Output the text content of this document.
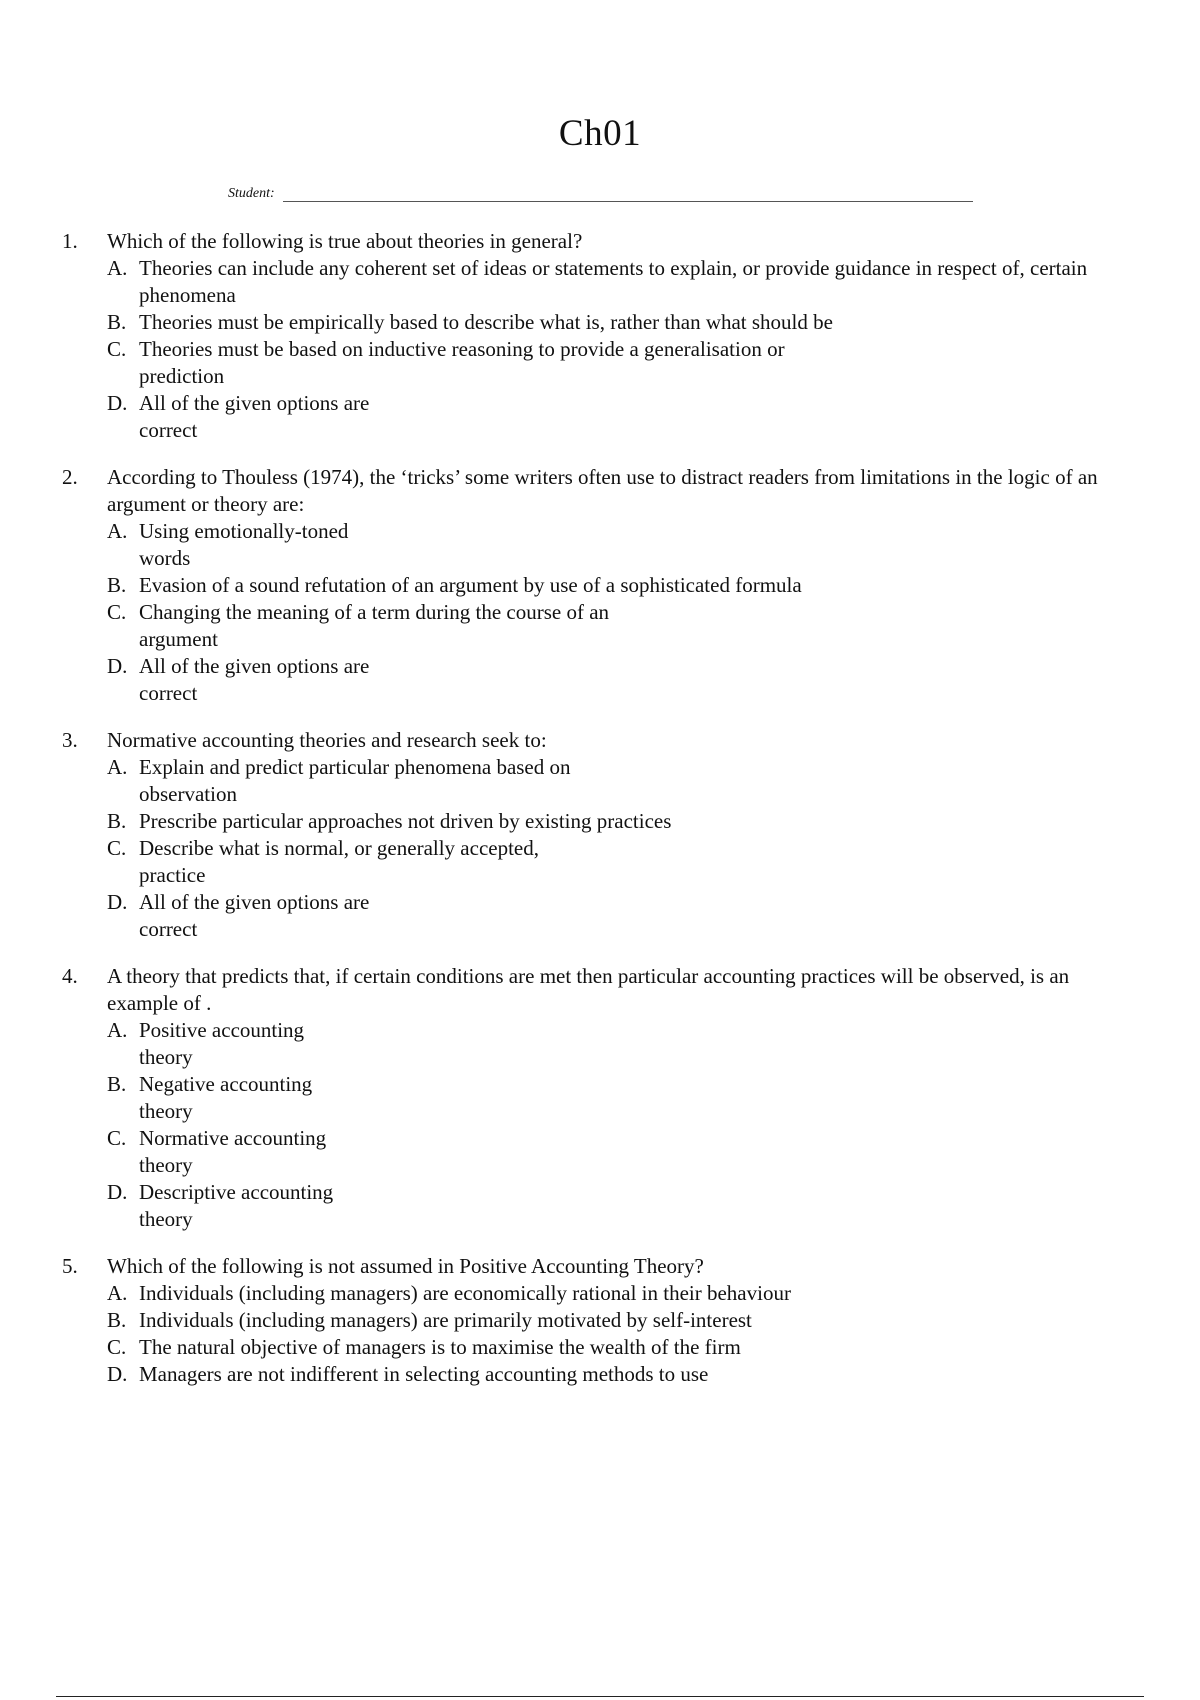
Ch01
Student:
1.	Which of the following is true about theories in general?
A. Theories can include any coherent set of ideas or statements to explain, or provide guidance in respect of, certain phenomena
B. Theories must be empirically based to describe what is, rather than what should be
C. Theories must be based on inductive reasoning to provide a generalisation or prediction
D. All of the given options are correct
2.	According to Thouless (1974), the ‘tricks’ some writers often use to distract readers from limitations in the logic of an argument or theory are:
A. Using emotionally-toned words
B. Evasion of a sound refutation of an argument by use of a sophisticated formula
C. Changing the meaning of a term during the course of an argument
D. All of the given options are correct
3.	Normative accounting theories and research seek to:
A. Explain and predict particular phenomena based on observation
B. Prescribe particular approaches not driven by existing practices
C. Describe what is normal, or generally accepted, practice
D. All of the given options are correct
4.	A theory that predicts that, if certain conditions are met then particular accounting practices will be observed, is an example of .
A. Positive accounting theory
B. Negative accounting theory
C. Normative accounting theory
D. Descriptive accounting theory
5.	Which of the following is not assumed in Positive Accounting Theory?
A. Individuals (including managers) are economically rational in their behaviour
B. Individuals (including managers) are primarily motivated by self-interest
C. The natural objective of managers is to maximise the wealth of the firm
D. Managers are not indifferent in selecting accounting methods to use
